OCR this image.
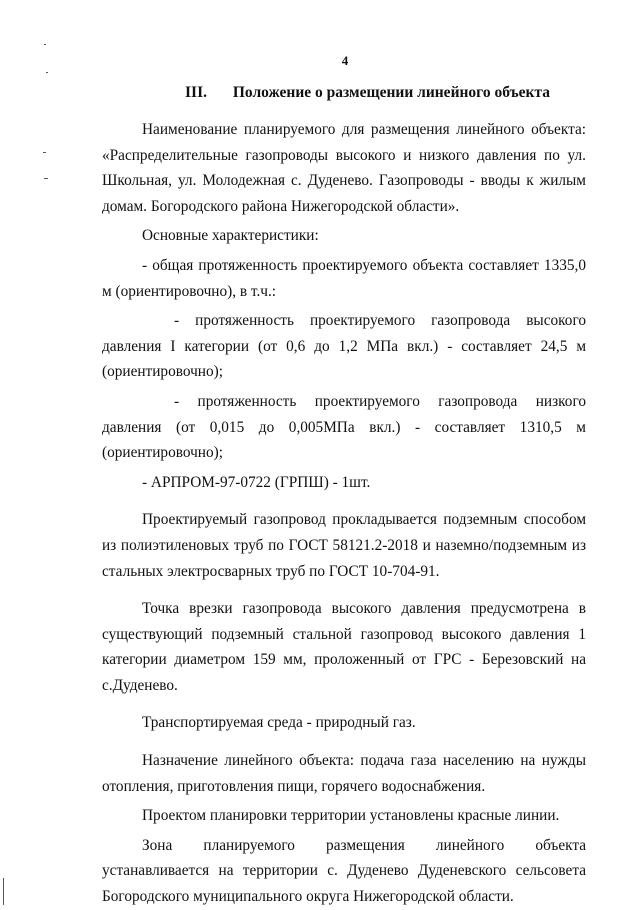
4
III. Положение о размещении линейного объекта

Наименование планируемого для размещения линейного объекта: «Распределительные газопроводы высокого и низкого давления по ул. Школьная, ул. Молодежная с. Дуденево. Газопроводы - вводы к жилым домам. Богородского района Нижегородской области».

Основные характеристики:

- общая протяженность проектируемого объекта составляет 1335,0 м (ориентировочно), в т.ч.:

- протяженность проектируемого газопровода высокого давления I категории (от 0,6 до 1,2 МПа вкл.) - составляет 24,5 м (ориентировочно);

- протяженность проектируемого газопровода низкого давления (от 0,015 до 0,005МПа вкл.) - составляет 1310,5 м (ориентировочно);

- АРПРОМ-97-0722 (ГРПШ) - 1шт.

Проектируемый газопровод прокладывается подземным способом из полиэтиленовых труб по ГОСТ 58121.2-2018 и наземно/подземным из стальных электросварных труб по ГОСТ 10-704-91.

Точка врезки газопровода высокого давления предусмотрена в существующий подземный стальной газопровод высокого давления 1 категории диаметром 159 мм, проложенный от ГРС - Березовский на с.Дуденево.

Транспортируемая среда - природный газ.

Назначение линейного объекта: подача газа населению на нужды отопления, приготовления пищи, горячего водоснабжения.

Проектом планировки территории установлены красные линии.

Зона планируемого размещения линейного объекта устанавливается на территории с. Дуденево Дуденевского сельсовета Богородского муниципального округа Нижегородской области.
